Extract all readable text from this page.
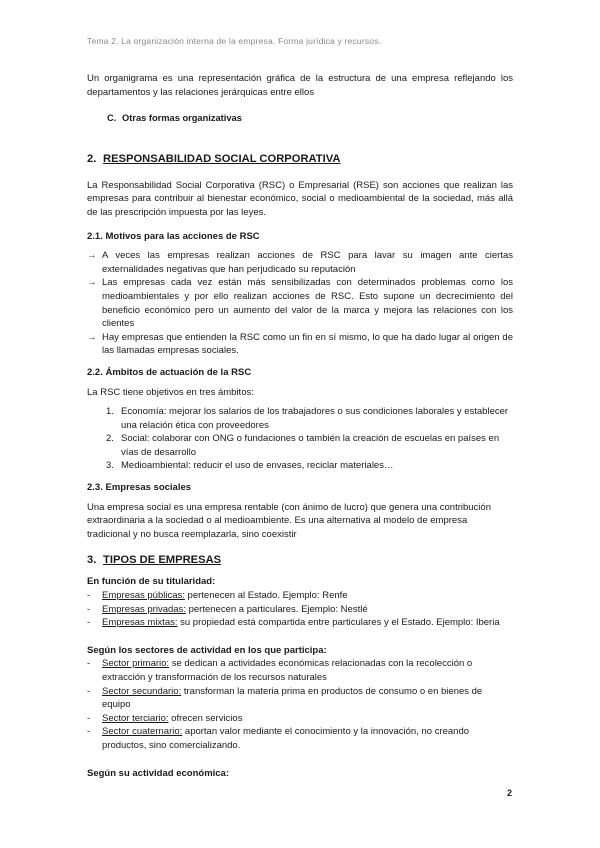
Tema 2. La organización interna de la empresa. Forma jurídica y recursos.

Un organigrama es una representación gráfica de la estructura de una empresa reflejando los departamentos y las relaciones jerárquicas entre ellos

C. Otras formas organizativas

2. RESPONSABILIDAD SOCIAL CORPORATIVA

La Responsabilidad Social Corporativa (RSC) o Empresarial (RSE) son acciones que realizan las empresas para contribuir al bienestar económico, social o medioambiental de la sociedad, más allá de las prescripción impuesta por las leyes.

2.1. Motivos para las acciones de RSC
→ A veces las empresas realizan acciones de RSC para lavar su imagen ante ciertas externalidades negativas que han perjudicado su reputación
→ Las empresas cada vez están más sensibilizadas con determinados problemas como los medioambientales y por ello realizan acciones de RSC. Esto supone un decrecimiento del beneficio económico pero un aumento del valor de la marca y mejora las relaciones con los clientes
→ Hay empresas que entienden la RSC como un fin en sí mismo, lo que ha dado lugar al origen de las llamadas empresas sociales.
2.2. Ámbitos de actuación de la RSC

La RSC tiene objetivos en tres ámbitos:

1. Economía: mejorar los salarios de los trabajadores o sus condiciones laborales y establecer una relación ética con proveedores
2. Social: colaborar con ONG o fundaciones o también la creación de escuelas en países en vías de desarrollo
3. Medioambiental: reducir el uso de envases, reciclar materiales…
2.3. Empresas sociales

Una empresa social es una empresa rentable (con ánimo de lucro) que genera una contribución extraordinaria a la sociedad o al medioambiente. Es una alternativa al modelo de empresa tradicional y no busca reemplazarla, sino coexistir

3. TIPOS DE EMPRESAS

En función de su titularidad:

- Empresas públicas: pertenecen al Estado. Ejemplo: Renfe
- Empresas privadas: pertenecen a particulares. Ejemplo: Nestlé
- Empresas mixtas: su propiedad está compartida entre particulares y el Estado. Ejemplo: Iberia

Según los sectores de actividad en los que participa:

- Sector primario: se dedican a actividades económicas relacionadas con la recolección o extracción y transformación de los recursos naturales
- Sector secundario: transforman la materia prima en productos de consumo o en bienes de equipo
- Sector terciario: ofrecen servicios
- Sector cuaternario: aportan valor mediante el conocimiento y la innovación, no creando productos, sino comercializando.

Según su actividad económica:

2
